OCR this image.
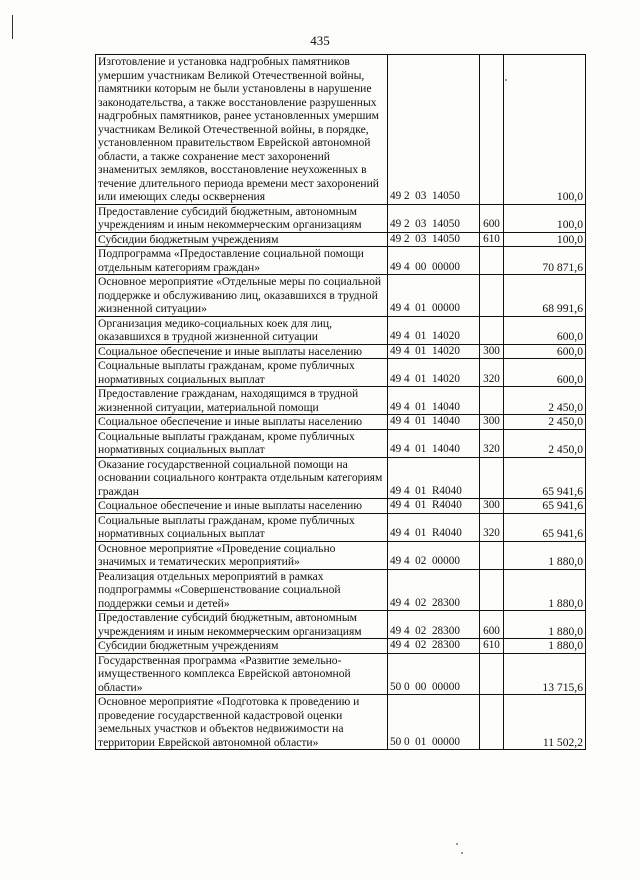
435
Изготовление и установка надгробных памятников умершим участникам Великой Отечественной войны, памятники которым не были установлены в нарушение законодательства, а также восстановление разрушенных надгробных памятников, ранее установленных умершим участникам Великой Отечественной войны, в порядке, установленном правительством Еврейской автономной области, а также сохранение мест захоронений знаменитых земляков, восстановление неухоженных в течение длительного периода времени мест захоронений или имеющих следы осквернения	49 2  03  14050		100,0
Предоставление субсидий бюджетным, автономным учреждениям и иным некоммерческим организациям	49 2  03  14050	600	100,0
Субсидии бюджетным учреждениям	49 2  03  14050	610	100,0
Подпрограмма «Предоставление социальной помощи отдельным категориям граждан»	49 4  00  00000		70 871,6
Основное мероприятие «Отдельные меры по социальной поддержке и обслуживанию лиц, оказавшихся в трудной жизненной ситуации»	49 4  01  00000		68 991,6
Организация медико-социальных коек для лиц, оказавшихся в трудной жизненной ситуации	49 4  01  14020		600,0
Социальное обеспечение и иные выплаты населению	49 4  01  14020	300	600,0
Социальные выплаты гражданам, кроме публичных нормативных социальных выплат	49 4  01  14020	320	600,0
Предоставление гражданам, находящимся в трудной жизненной ситуации, материальной помощи	49 4  01  14040		2 450,0
Социальное обеспечение и иные выплаты населению	49 4  01  14040	300	2 450,0
Социальные выплаты гражданам, кроме публичных нормативных социальных выплат	49 4  01  14040	320	2 450,0
Оказание государственной социальной помощи на основании социального контракта отдельным категориям граждан	49 4  01  R4040		65 941,6
Социальное обеспечение и иные выплаты населению	49 4  01  R4040	300	65 941,6
Социальные выплаты гражданам, кроме публичных нормативных социальных выплат	49 4  01  R4040	320	65 941,6
Основное мероприятие «Проведение социально значимых и тематических мероприятий»	49 4  02  00000		1 880,0
Реализация отдельных мероприятий в рамках подпрограммы «Совершенствование социальной поддержки семьи и детей»	49 4  02  28300		1 880,0
Предоставление субсидий бюджетным, автономным учреждениям и иным некоммерческим организациям	49 4  02  28300	600	1 880,0
Субсидии бюджетным учреждениям	49 4  02  28300	610	1 880,0
Государственная программа «Развитие земельно-имущественного комплекса Еврейской автономной области»	50 0  00  00000		13 715,6
Основное мероприятие «Подготовка к проведению и проведение государственной кадастровой оценки земельных участков и объектов недвижимости на территории Еврейской автономной области»	50 0  01  00000		11 502,2
